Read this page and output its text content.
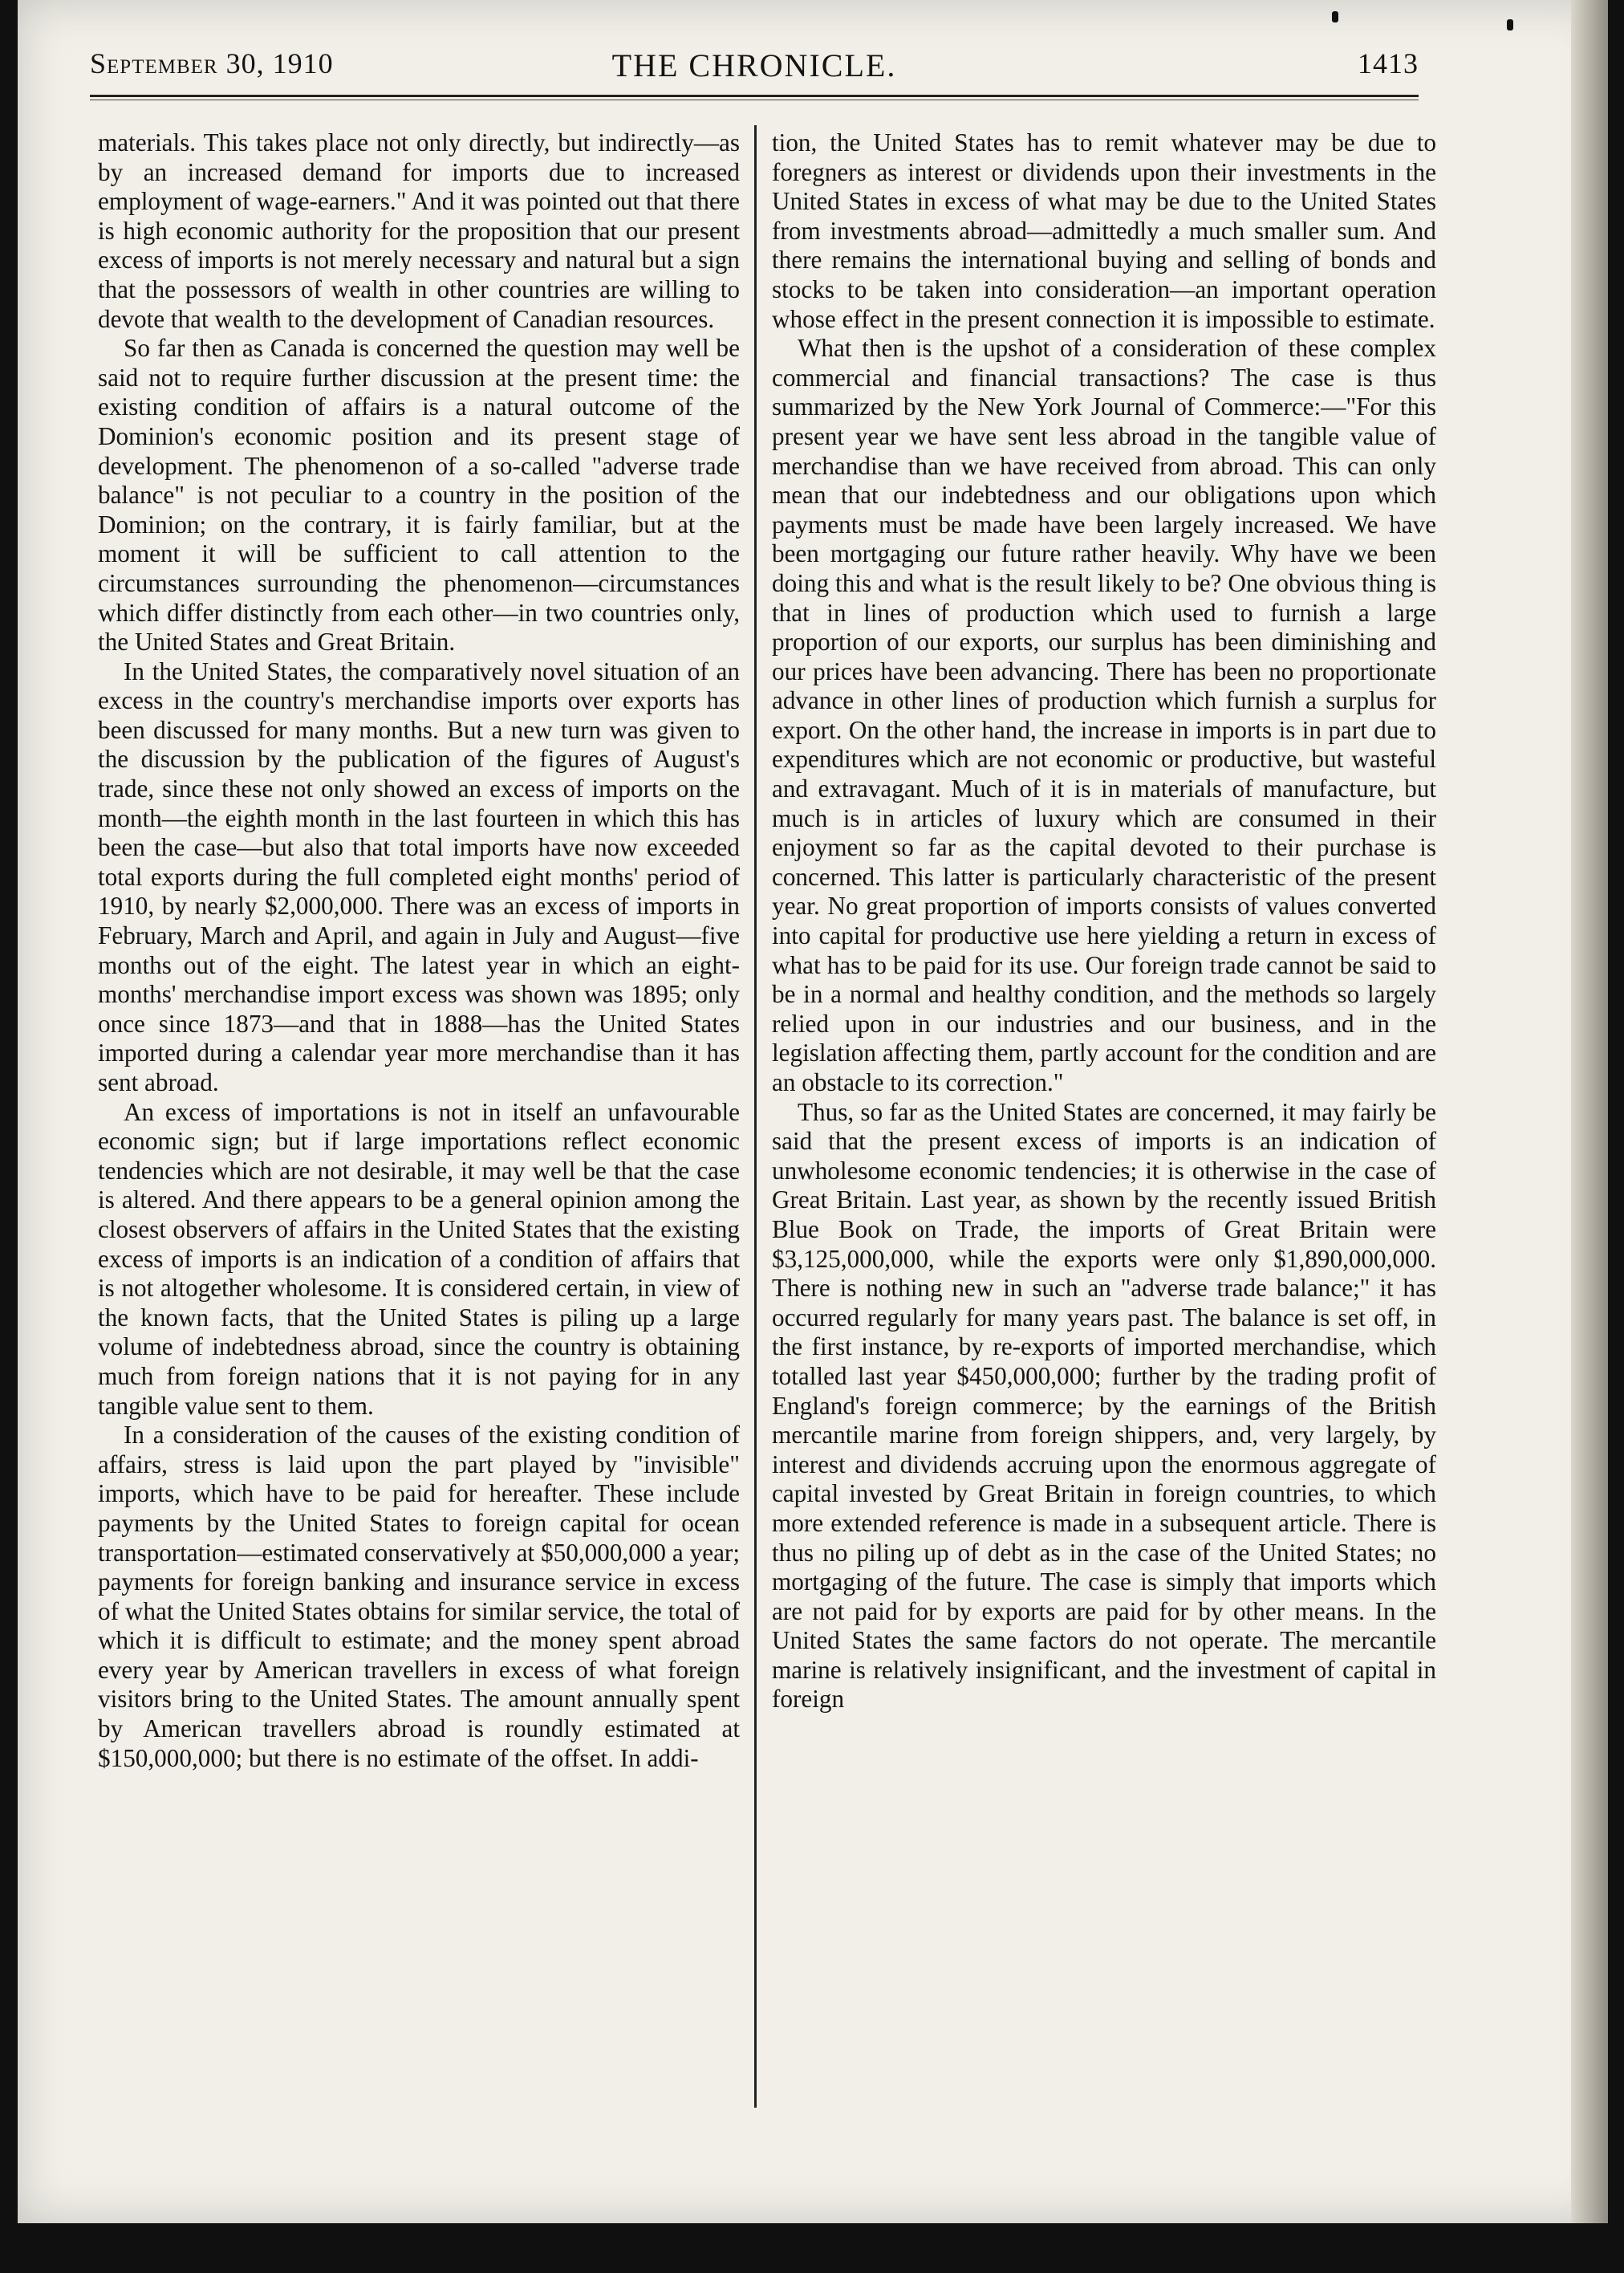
September 30, 1910	THE CHRONICLE.	1413

materials. This takes place not only directly, but indirectly—as by an increased demand for imports due to increased employment of wage-earners." And it was pointed out that there is high economic authority for the proposition that our present excess of imports is not merely necessary and natural but a sign that the possessors of wealth in other countries are willing to devote that wealth to the development of Canadian resources.

So far then as Canada is concerned the question may well be said not to require further discussion at the present time: the existing condition of affairs is a natural outcome of the Dominion's economic position and its present stage of development. The phenomenon of a so-called "adverse trade balance" is not peculiar to a country in the position of the Dominion; on the contrary, it is fairly familiar, but at the moment it will be sufficient to call attention to the circumstances surrounding the phenomenon—circumstances which differ distinctly from each other—in two countries only, the United States and Great Britain.

In the United States, the comparatively novel situation of an excess in the country's merchandise imports over exports has been discussed for many months. But a new turn was given to the discussion by the publication of the figures of August's trade, since these not only showed an excess of imports on the month—the eighth month in the last fourteen in which this has been the case—but also that total imports have now exceeded total exports during the full completed eight months' period of 1910, by nearly $2,000,000. There was an excess of imports in February, March and April, and again in July and August—five months out of the eight. The latest year in which an eight-months' merchandise import excess was shown was 1895; only once since 1873—and that in 1888—has the United States imported during a calendar year more merchandise than it has sent abroad.

An excess of importations is not in itself an unfavourable economic sign; but if large importations reflect economic tendencies which are not desirable, it may well be that the case is altered. And there appears to be a general opinion among the closest observers of affairs in the United States that the existing excess of imports is an indication of a condition of affairs that is not altogether wholesome. It is considered certain, in view of the known facts, that the United States is piling up a large volume of indebtedness abroad, since the country is obtaining much from foreign nations that it is not paying for in any tangible value sent to them.

In a consideration of the causes of the existing condition of affairs, stress is laid upon the part played by "invisible" imports, which have to be paid for hereafter. These include payments by the United States to foreign capital for ocean transportation—estimated conservatively at $50,000,000 a year; payments for foreign banking and insurance service in excess of what the United States obtains for similar service, the total of which it is difficult to estimate; and the money spent abroad every year by American travellers in excess of what foreign visitors bring to the United States. The amount annually spent by American travellers abroad is roundly estimated at $150,000,000; but there is no estimate of the offset. In addi-

tion, the United States has to remit whatever may be due to foregners as interest or dividends upon their investments in the United States in excess of what may be due to the United States from investments abroad—admittedly a much smaller sum. And there remains the international buying and selling of bonds and stocks to be taken into consideration—an important operation whose effect in the present connection it is impossible to estimate.

What then is the upshot of a consideration of these complex commercial and financial transactions? The case is thus summarized by the New York Journal of Commerce:—"For this present year we have sent less abroad in the tangible value of merchandise than we have received from abroad. This can only mean that our indebtedness and our obligations upon which payments must be made have been largely increased. We have been mortgaging our future rather heavily. Why have we been doing this and what is the result likely to be? One obvious thing is that in lines of production which used to furnish a large proportion of our exports, our surplus has been diminishing and our prices have been advancing. There has been no proportionate advance in other lines of production which furnish a surplus for export. On the other hand, the increase in imports is in part due to expenditures which are not economic or productive, but wasteful and extravagant. Much of it is in materials of manufacture, but much is in articles of luxury which are consumed in their enjoyment so far as the capital devoted to their purchase is concerned. This latter is particularly characteristic of the present year. No great proportion of imports consists of values converted into capital for productive use here yielding a return in excess of what has to be paid for its use. Our foreign trade cannot be said to be in a normal and healthy condition, and the methods so largely relied upon in our industries and our business, and in the legislation affecting them, partly account for the condition and are an obstacle to its correction."

Thus, so far as the United States are concerned, it may fairly be said that the present excess of imports is an indication of unwholesome economic tendencies; it is otherwise in the case of Great Britain. Last year, as shown by the recently issued British Blue Book on Trade, the imports of Great Britain were $3,125,000,000, while the exports were only $1,890,000,000. There is nothing new in such an "adverse trade balance;" it has occurred regularly for many years past. The balance is set off, in the first instance, by re-exports of imported merchandise, which totalled last year $450,000,000; further by the trading profit of England's foreign commerce; by the earnings of the British mercantile marine from foreign shippers, and, very largely, by interest and dividends accruing upon the enormous aggregate of capital invested by Great Britain in foreign countries, to which more extended reference is made in a subsequent article. There is thus no piling up of debt as in the case of the United States; no mortgaging of the future. The case is simply that imports which are not paid for by exports are paid for by other means. In the United States the same factors do not operate. The mercantile marine is relatively insignificant, and the investment of capital in foreign
